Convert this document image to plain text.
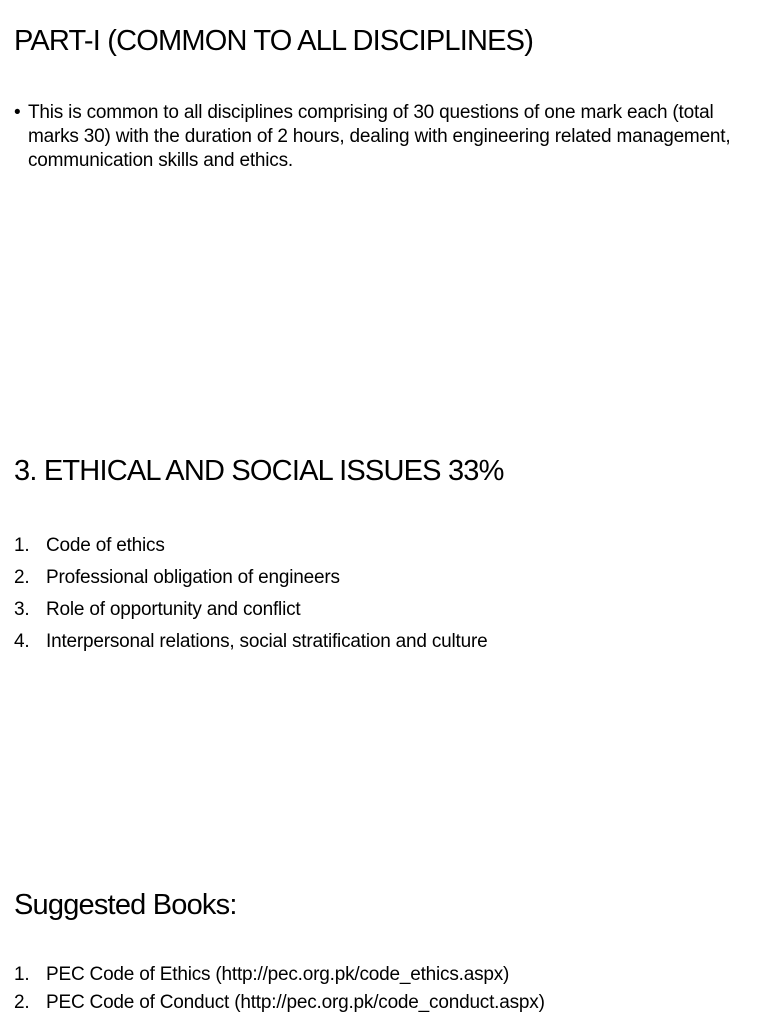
PART-I (COMMON TO ALL DISCIPLINES)
• This is common to all disciplines comprising of 30 questions of one mark each (total marks 30) with the duration of 2 hours, dealing with engineering related management, communication skills and ethics.

3. ETHICAL AND SOCIAL ISSUES 33%
1. Code of ethics
2. Professional obligation of engineers
3. Role of opportunity and conflict
4. Interpersonal relations, social stratification and culture
Suggested Books:
1. PEC Code of Ethics (http://pec.org.pk/code_ethics.aspx)
2. PEC Code of Conduct (http://pec.org.pk/code_conduct.aspx)
